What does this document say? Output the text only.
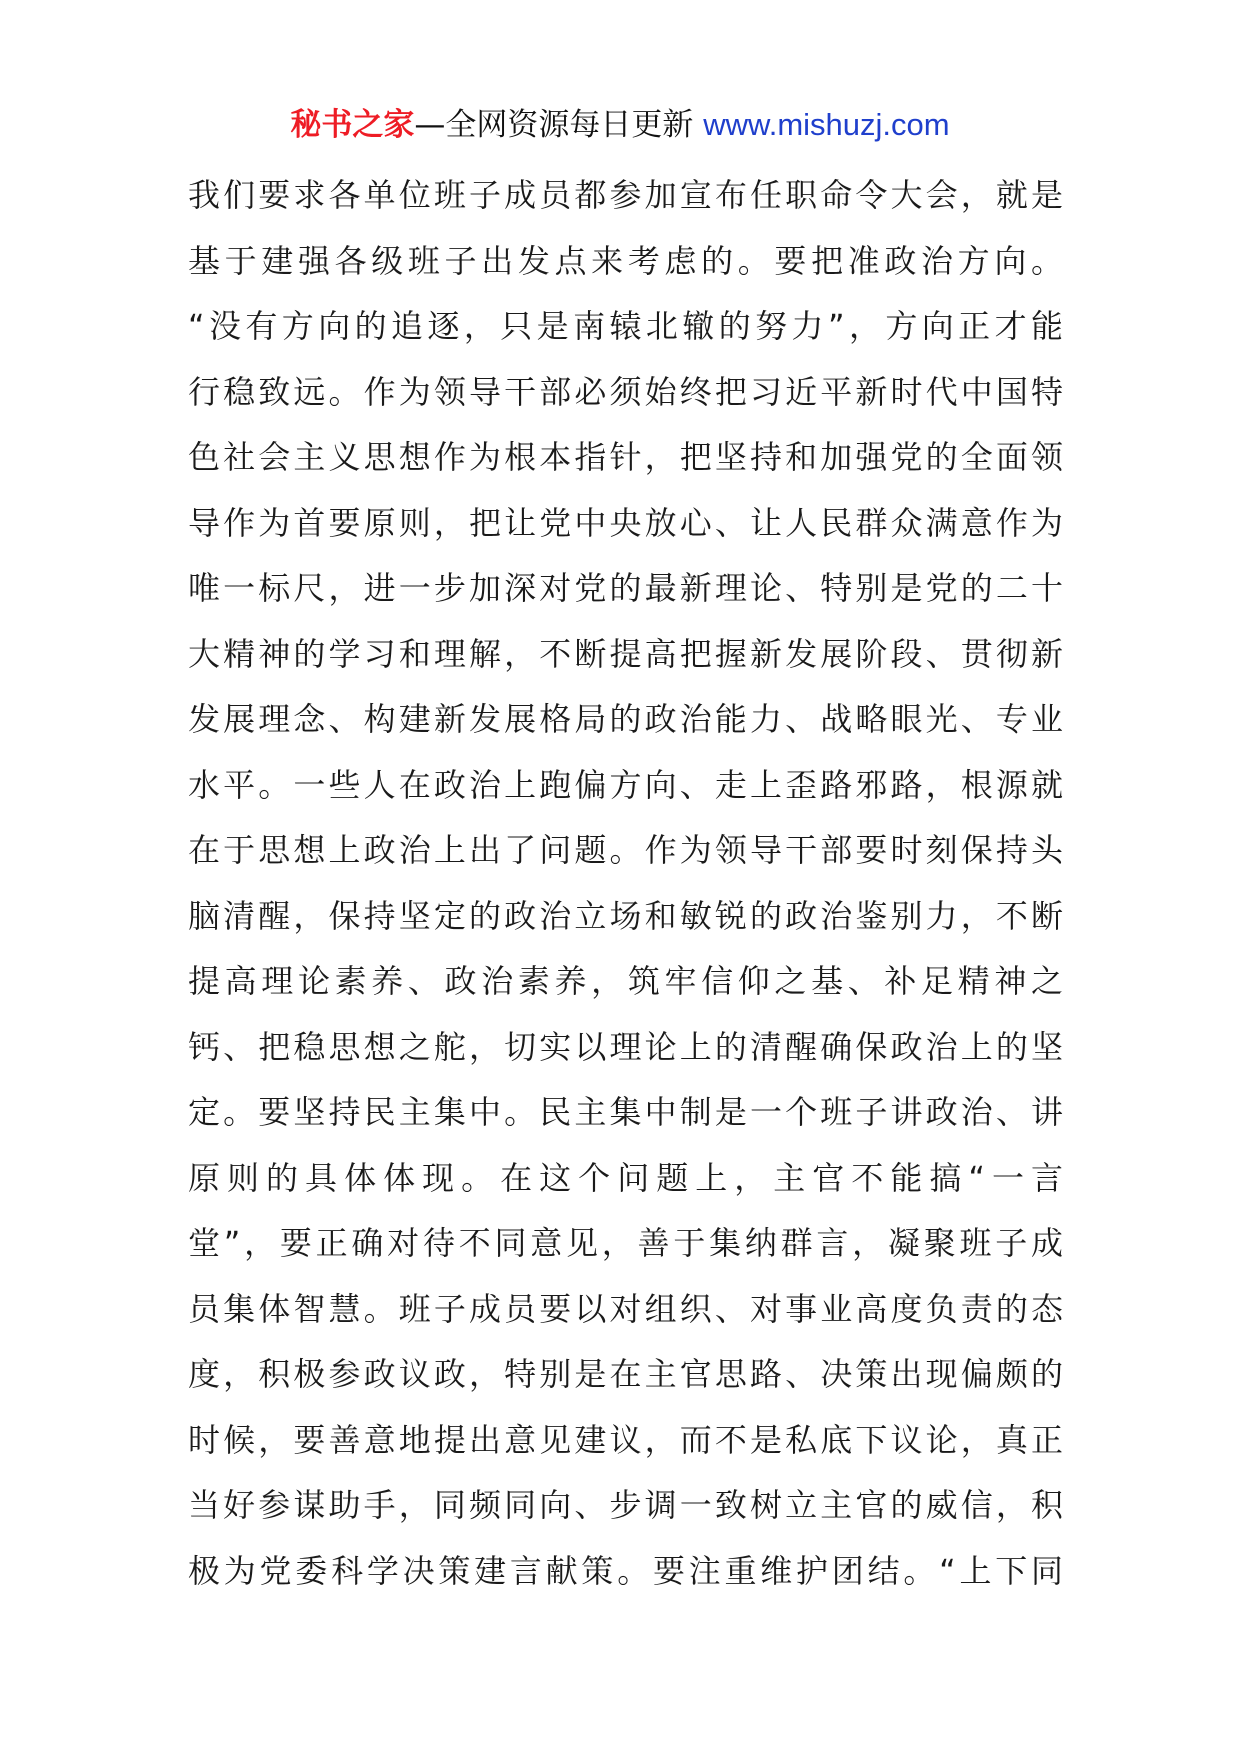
秘书之家—全网资源每日更新 www.mishuzj.com
我们要求各单位班子成员都参加宣布任职命令大会，就是
基于建强各级班子出发点来考虑的。要把准政治方向。
“没有方向的追逐，只是南辕北辙的努力”，方向正才能
行稳致远。作为领导干部必须始终把习近平新时代中国特
色社会主义思想作为根本指针，把坚持和加强党的全面领
导作为首要原则，把让党中央放心、让人民群众满意作为
唯一标尺，进一步加深对党的最新理论、特别是党的二十
大精神的学习和理解，不断提高把握新发展阶段、贯彻新
发展理念、构建新发展格局的政治能力、战略眼光、专业
水平。一些人在政治上跑偏方向、走上歪路邪路，根源就
在于思想上政治上出了问题。作为领导干部要时刻保持头
脑清醒，保持坚定的政治立场和敏锐的政治鉴别力，不断
提高理论素养、政治素养，筑牢信仰之基、补足精神之
钙、把稳思想之舵，切实以理论上的清醒确保政治上的坚
定。要坚持民主集中。民主集中制是一个班子讲政治、讲
原则的具体体现。在这个问题上，主官不能搞“一言
堂”，要正确对待不同意见，善于集纳群言，凝聚班子成
员集体智慧。班子成员要以对组织、对事业高度负责的态
度，积极参政议政，特别是在主官思路、决策出现偏颇的
时候，要善意地提出意见建议，而不是私底下议论，真正
当好参谋助手，同频同向、步调一致树立主官的威信，积
极为党委科学决策建言献策。要注重维护团结。“上下同
